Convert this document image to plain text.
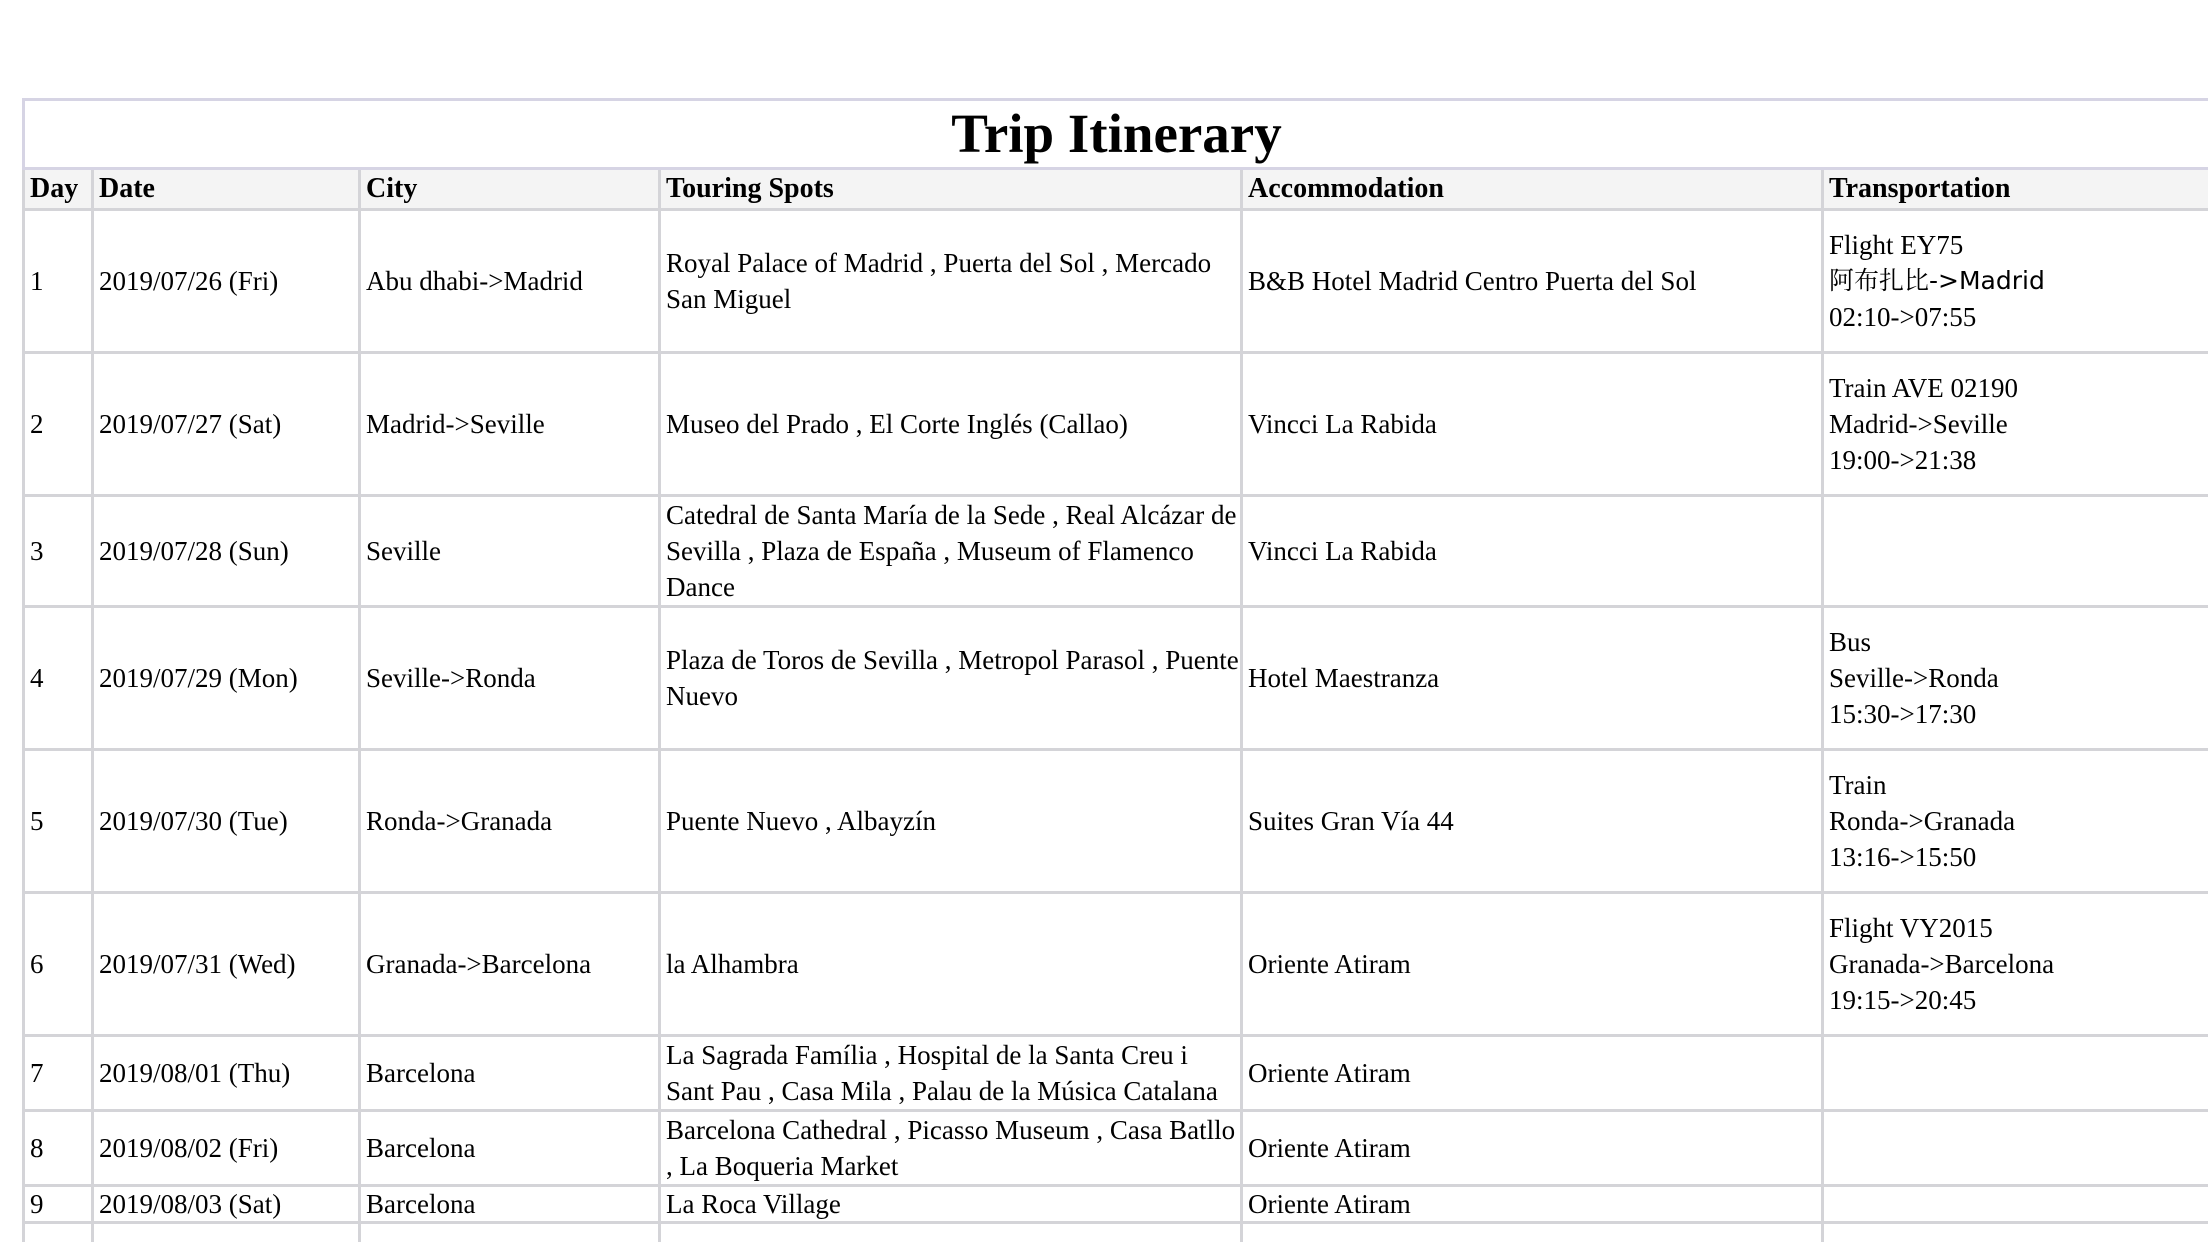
Trip Itinerary					
Day	Date	City	Touring Spots	Accommodation	Transportation
1	2019/07/26 (Fri)	Abu dhabi->Madrid	Royal Palace of Madrid , Puerta del Sol , Mercado San Miguel	B&B Hotel Madrid Centro Puerta del Sol	Flight EY75
阿布扎比->Madrid
02:10->07:55

2	2019/07/27 (Sat)	Madrid->Seville	Museo del Prado , El Corte Inglés (Callao)	Vincci La Rabida	Train AVE 02190
Madrid->Seville
19:00->21:38

3	2019/07/28 (Sun)	Seville	Catedral de Santa María de la Sede , Real Alcázar de Sevilla , Plaza de España , Museum of Flamenco Dance	Vincci La Rabida	
4	2019/07/29 (Mon)	Seville->Ronda	Plaza de Toros de Sevilla , Metropol Parasol , Puente Nuevo	Hotel Maestranza	Bus
Seville->Ronda
15:30->17:30

5	2019/07/30 (Tue)	Ronda->Granada	Puente Nuevo , Albayzín	Suites Gran Vía 44	Train
Ronda->Granada
13:16->15:50

6	2019/07/31 (Wed)	Granada->Barcelona	la Alhambra	Oriente Atiram	Flight VY2015
Granada->Barcelona
19:15->20:45

7	2019/08/01 (Thu)	Barcelona	La Sagrada Família , Hospital de la Santa Creu i Sant Pau , Casa Mila , Palau de la Música Catalana	Oriente Atiram	
8	2019/08/02 (Fri)	Barcelona	Barcelona Cathedral , Picasso Museum , Casa Batllo , La Boqueria Market	Oriente Atiram	
9	2019/08/03 (Sat)	Barcelona	La Roca Village	Oriente Atiram	
